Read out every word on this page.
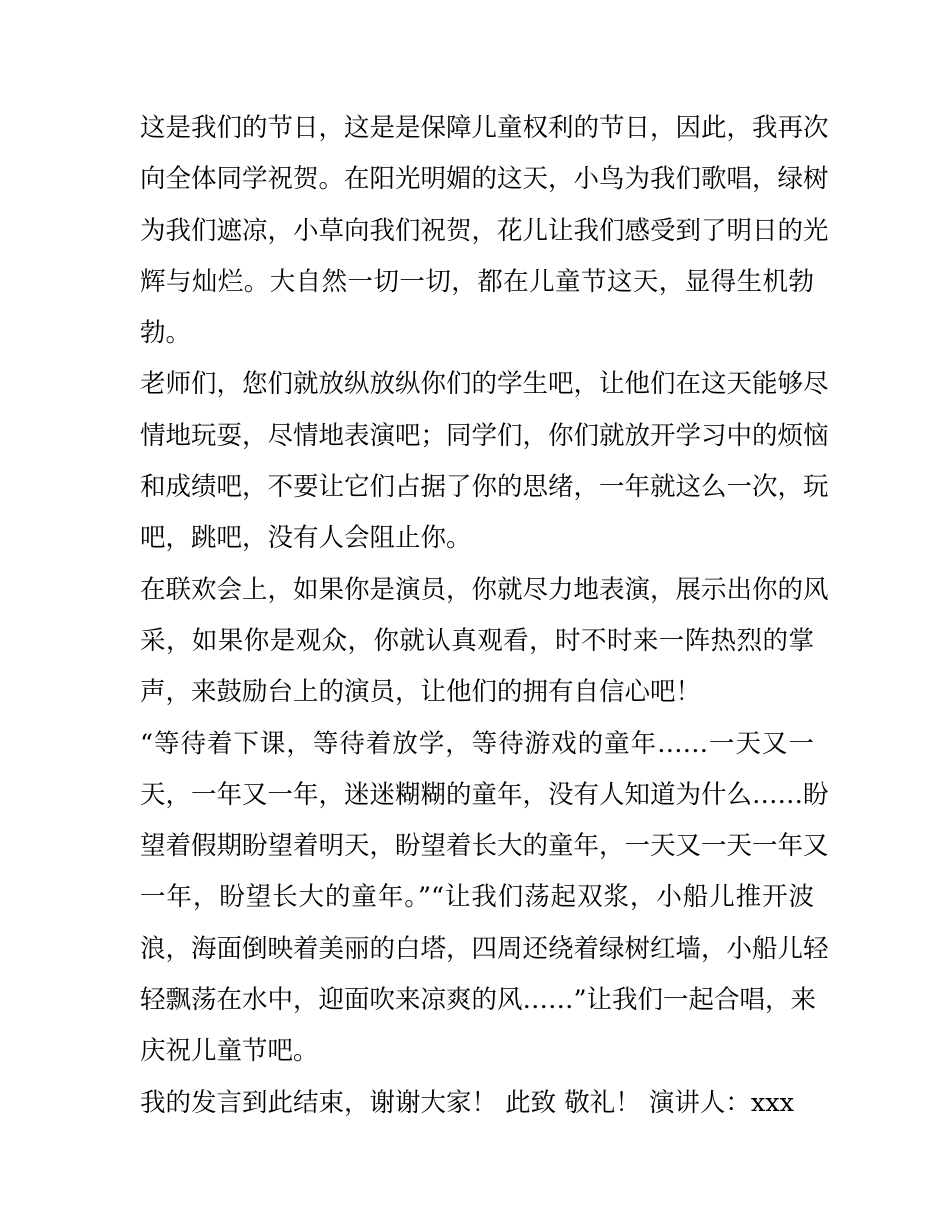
这是我们的节日，这是是保障儿童权利的节日，因此，我再次
向全体同学祝贺。在阳光明媚的这天，小鸟为我们歌唱，绿树
为我们遮凉，小草向我们祝贺，花儿让我们感受到了明日的光
辉与灿烂。大自然一切一切，都在儿童节这天，显得生机勃
勃。
老师们，您们就放纵放纵你们的学生吧，让他们在这天能够尽
情地玩耍，尽情地表演吧；同学们，你们就放开学习中的烦恼
和成绩吧，不要让它们占据了你的思绪，一年就这么一次，玩
吧，跳吧，没有人会阻止你。
在联欢会上，如果你是演员，你就尽力地表演，展示出你的风
采，如果你是观众，你就认真观看，时不时来一阵热烈的掌
声，来鼓励台上的演员，让他们的拥有自信心吧！
“等待着下课，等待着放学，等待游戏的童年……一天又一
天，一年又一年，迷迷糊糊的童年，没有人知道为什么……盼
望着假期盼望着明天，盼望着长大的童年，一天又一天一年又
一年，盼望长大的童年。”“让我们荡起双浆，小船儿推开波
浪，海面倒映着美丽的白塔，四周还绕着绿树红墙，小船儿轻
轻飘荡在水中，迎面吹来凉爽的风……”让我们一起合唱，来
庆祝儿童节吧。
我的发言到此结束，谢谢大家！ 此致 敬礼！ 演讲人：xxx
